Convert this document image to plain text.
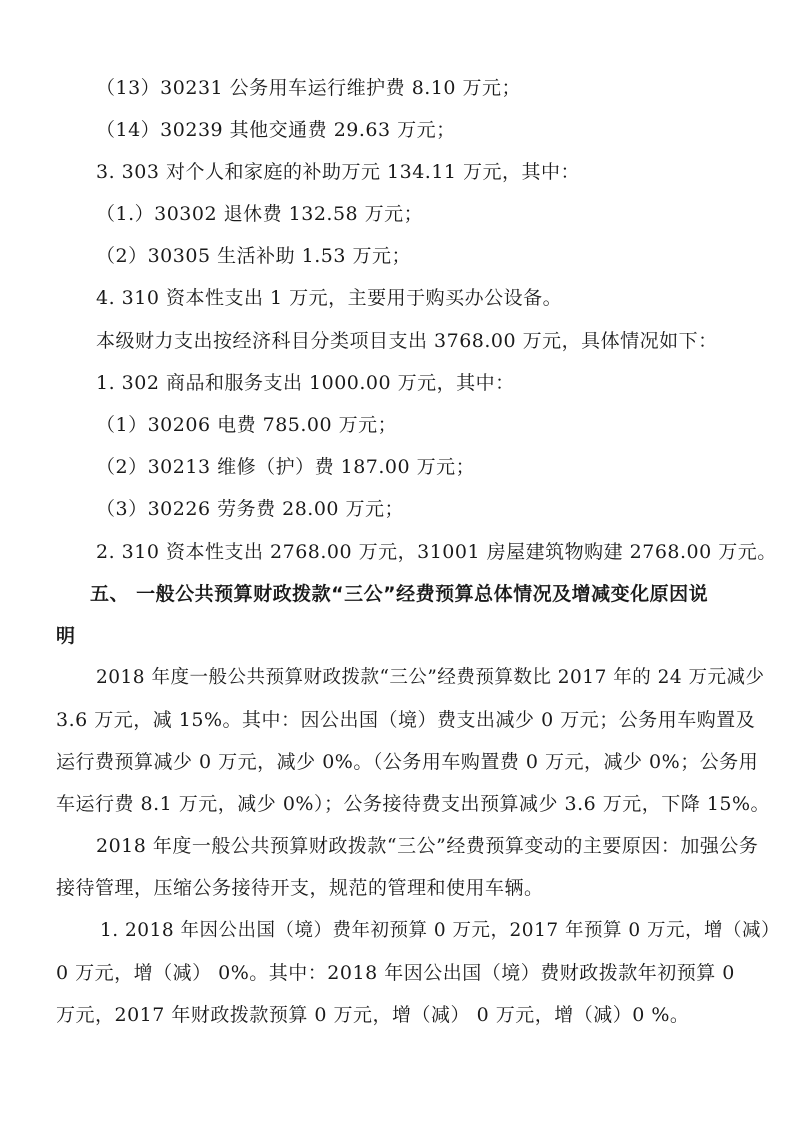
（13）30231 公务用车运行维护费 8.10 万元；
（14）30239 其他交通费 29.63 万元；
3. 303 对个人和家庭的补助万元 134.11 万元，其中：
（1.）30302 退休费 132.58 万元；
（2）30305 生活补助 1.53 万元；
4. 310 资本性支出 1 万元，主要用于购买办公设备。
本级财力支出按经济科目分类项目支出 3768.00 万元，具体情况如下：
1. 302 商品和服务支出 1000.00 万元，其中：
（1）30206 电费 785.00 万元；
（2）30213 维修（护）费 187.00 万元；
（3）30226 劳务费 28.00 万元；
2. 310 资本性支出 2768.00 万元，31001 房屋建筑物购建 2768.00 万元。
五、 一般公共预算财政拨款“三公”经费预算总体情况及增减变化原因说
明
2018 年度一般公共预算财政拨款“三公”经费预算数比 2017 年的 24 万元减少
3.6 万元，减 15%。其中：因公出国（境）费支出减少 0 万元；公务用车购置及
运行费预算减少 0 万元，减少 0%。（公务用车购置费 0 万元，减少 0%；公务用
车运行费 8.1 万元，减少 0%）；公务接待费支出预算减少 3.6 万元，下降 15%。
2018 年度一般公共预算财政拨款“三公”经费预算变动的主要原因：加强公务
接待管理，压缩公务接待开支，规范的管理和使用车辆。
1. 2018 年因公出国（境）费年初预算 0 万元，2017 年预算 0 万元，增（减）
0 万元，增（减） 0%。其中：2018 年因公出国（境）费财政拨款年初预算 0
万元，2017 年财政拨款预算 0 万元，增（减） 0 万元，增（减）0 %。
